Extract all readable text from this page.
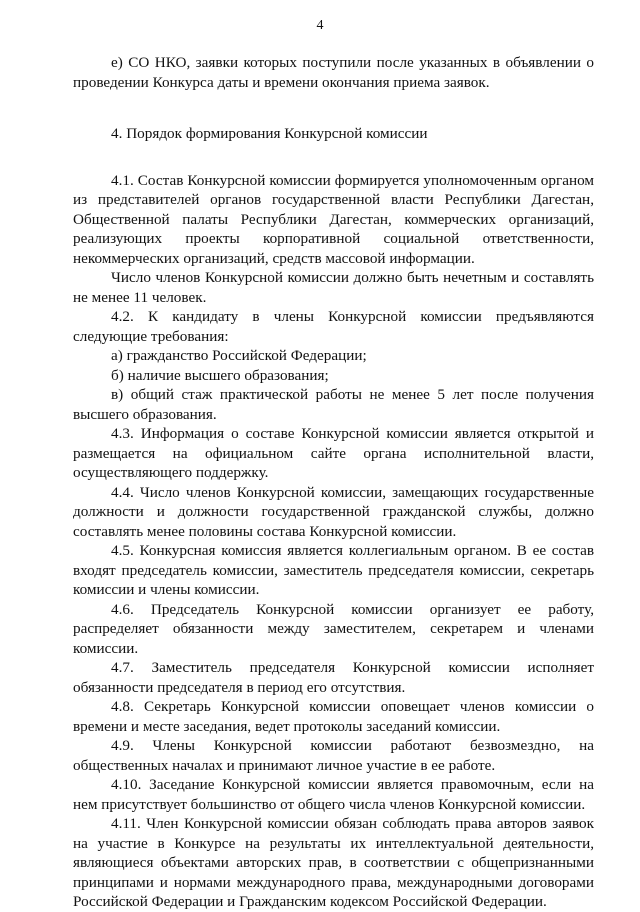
4

е) СО НКО, заявки которых поступили после указанных в объявлении о проведении Конкурса даты и времени окончания приема заявок.

4. Порядок формирования Конкурсной комиссии

4.1. Состав Конкурсной комиссии формируется уполномоченным органом из представителей органов государственной власти Республики Дагестан, Общественной палаты Республики Дагестан, коммерческих организаций, реализующих проекты корпоративной социальной ответственности, некоммерческих организаций, средств массовой информации.

Число членов Конкурсной комиссии должно быть нечетным и составлять не менее 11 человек.

4.2. К кандидату в члены Конкурсной комиссии предъявляются следующие требования:

а) гражданство Российской Федерации;

б) наличие высшего образования;

в) общий стаж практической работы не менее 5 лет после получения высшего образования.

4.3. Информация о составе Конкурсной комиссии является открытой и размещается на официальном сайте органа исполнительной власти, осуществляющего поддержку.

4.4. Число членов Конкурсной комиссии, замещающих государственные должности и должности государственной гражданской службы, должно составлять менее половины состава Конкурсной комиссии.

4.5. Конкурсная комиссия является коллегиальным органом. В ее состав входят председатель комиссии, заместитель председателя комиссии, секретарь комиссии и члены комиссии.

4.6. Председатель Конкурсной комиссии организует ее работу, распределяет обязанности между заместителем, секретарем и членами комиссии.

4.7. Заместитель председателя Конкурсной комиссии исполняет обязанности председателя в период его отсутствия.

4.8. Секретарь Конкурсной комиссии оповещает членов комиссии о времени и месте заседания, ведет протоколы заседаний комиссии.

4.9. Члены Конкурсной комиссии работают безвозмездно, на общественных началах и принимают личное участие в ее работе.

4.10. Заседание Конкурсной комиссии является правомочным, если на нем присутствует большинство от общего числа членов Конкурсной комиссии.

4.11. Член Конкурсной комиссии обязан соблюдать права авторов заявок на участие в Конкурсе на результаты их интеллектуальной деятельности, являющиеся объектами авторских прав, в соответствии с общепризнанными принципами и нормами международного права, международными договорами Российской Федерации и Гражданским кодексом Российской Федерации.
